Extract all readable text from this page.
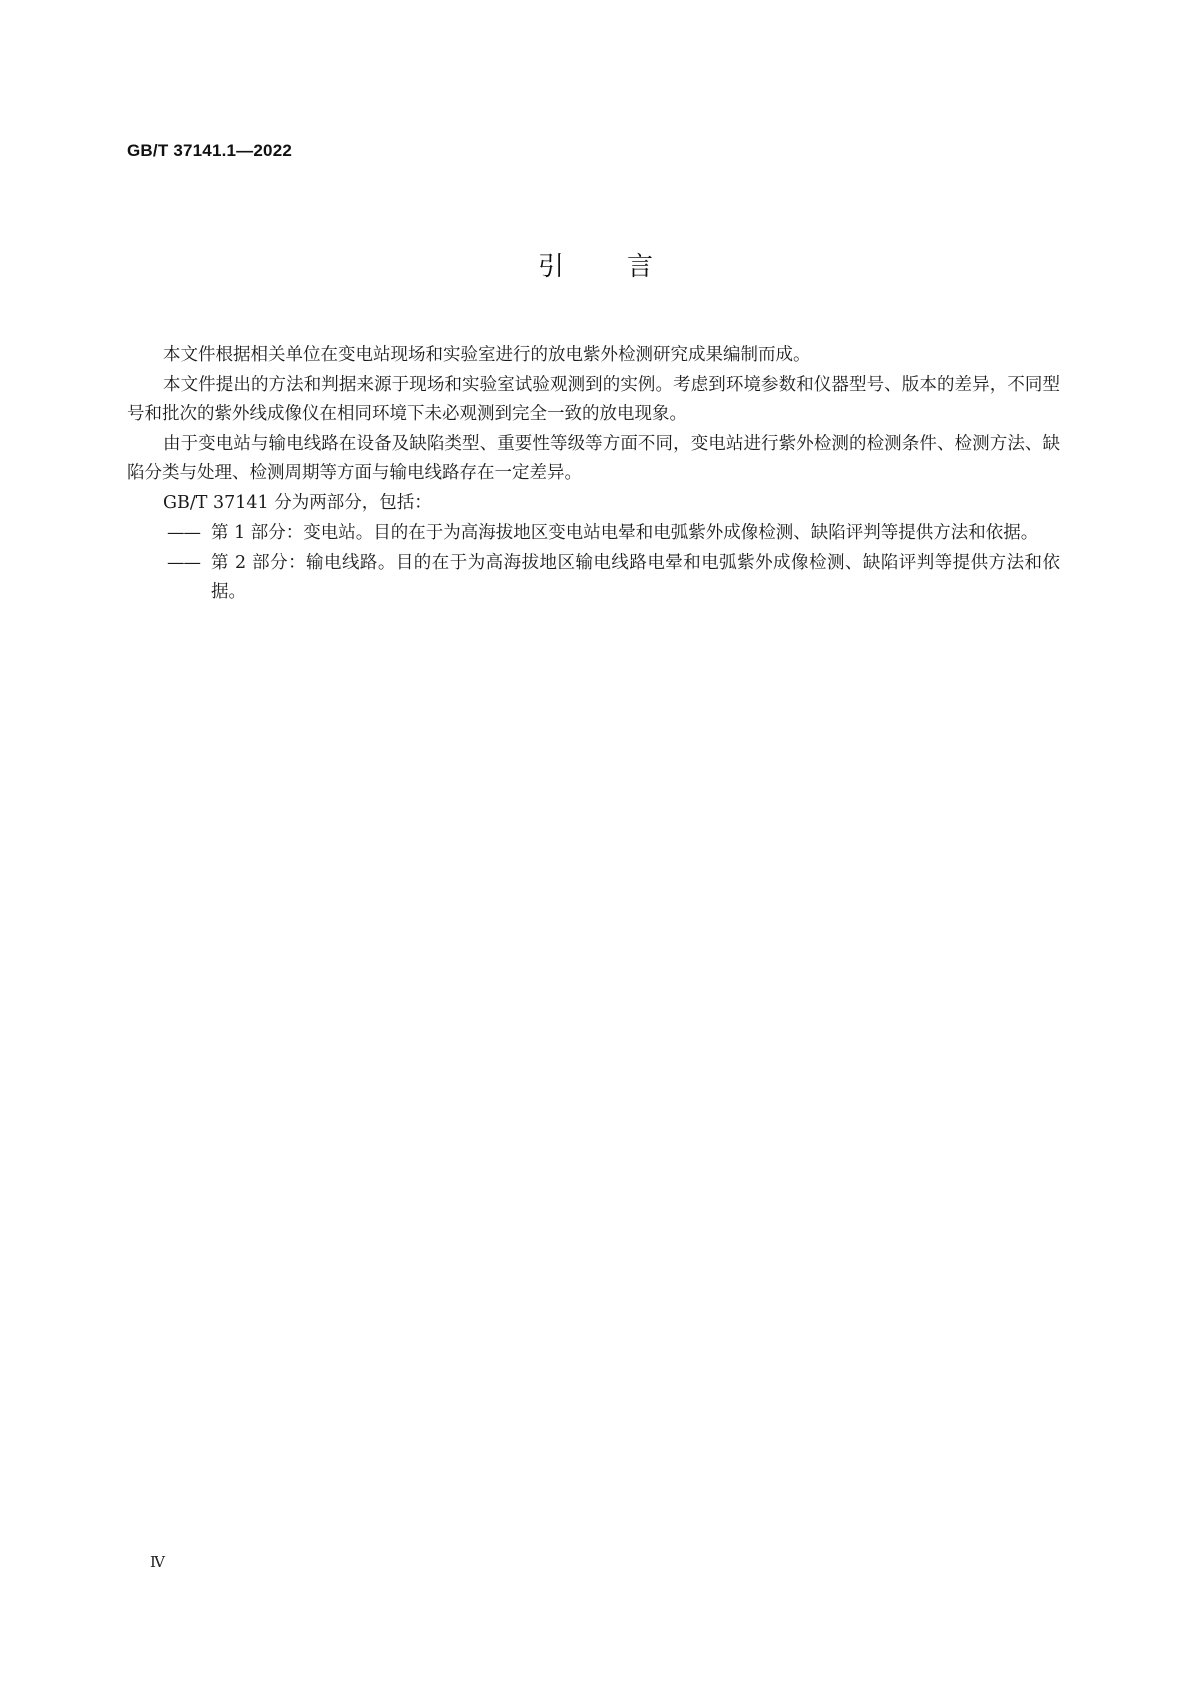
GB/T 37141.1—2022
引言

本文件根据相关单位在变电站现场和实验室进行的放电紫外检测研究成果编制而成。

本文件提出的方法和判据来源于现场和实验室试验观测到的实例。考虑到环境参数和仪器型号、版本的差异，不同型号和批次的紫外线成像仪在相同环境下未必观测到完全一致的放电现象。

由于变电站与输电线路在设备及缺陷类型、重要性等级等方面不同，变电站进行紫外检测的检测条件、检测方法、缺陷分类与处理、检测周期等方面与输电线路存在一定差异。

GB/T 37141 分为两部分，包括：

—— 第 1 部分：变电站。目的在于为高海拔地区变电站电晕和电弧紫外成像检测、缺陷评判等提供方法和依据。
—— 第 2 部分：输电线路。目的在于为高海拔地区输电线路电晕和电弧紫外成像检测、缺陷评判等提供方法和依据。
Ⅳ
